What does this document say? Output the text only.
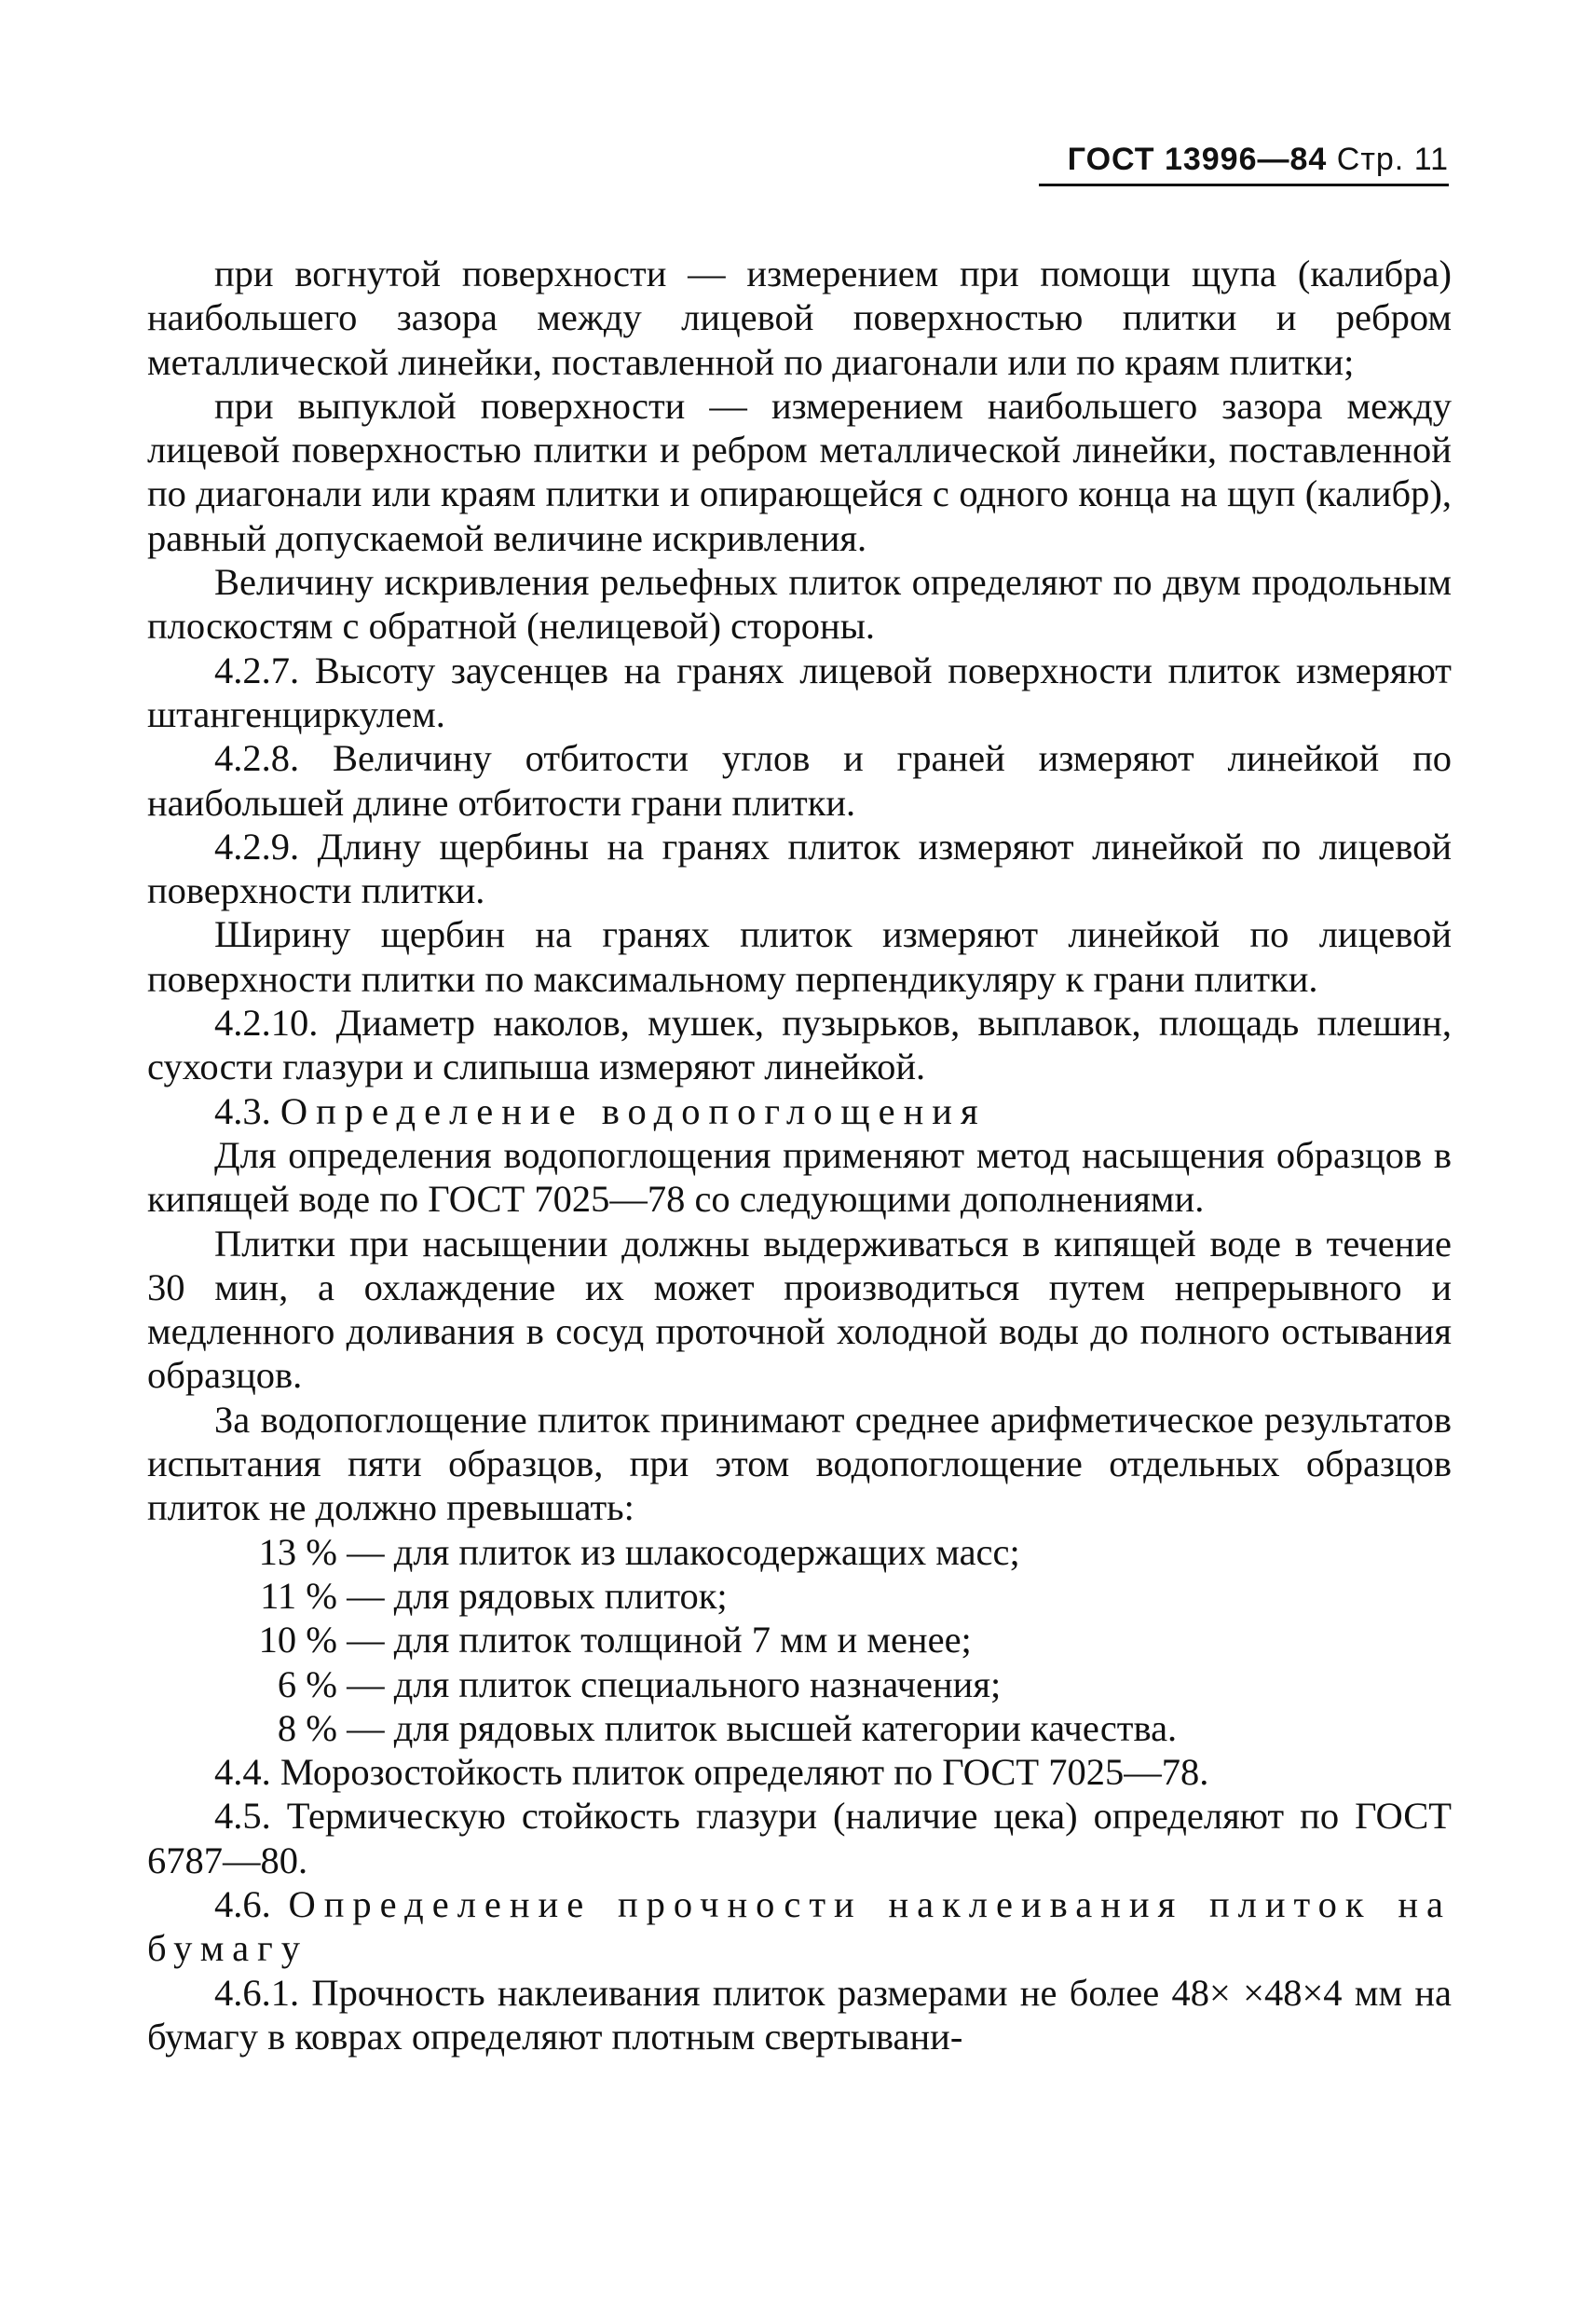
ГОСТ 13996—84 Стр. 11

при вогнутой поверхности — измерением при помощи щупа (калибра) наибольшего зазора между лицевой поверхностью плитки и ребром металлической линейки, поставленной по диагонали или по краям плитки;

при выпуклой поверхности — измерением наибольшего зазора между лицевой поверхностью плитки и ребром металлической линейки, поставленной по диагонали или краям плитки и опирающейся с одного конца на щуп (калибр), равный допускаемой величине искривления.

Величину искривления рельефных плиток определяют по двум продольным плоскостям с обратной (нелицевой) стороны.

4.2.7. Высоту заусенцев на гранях лицевой поверхности плиток измеряют штангенциркулем.

4.2.8. Величину отбитости углов и граней измеряют линейкой по наибольшей длине отбитости грани плитки.

4.2.9. Длину щербины на гранях плиток измеряют линейкой по лицевой поверхности плитки.

Ширину щербин на гранях плиток измеряют линейкой по лицевой поверхности плитки по максимальному перпендикуляру к грани плитки.

4.2.10. Диаметр наколов, мушек, пузырьков, выплавок, площадь плешин, сухости глазури и слипыша измеряют линейкой.

4.3. Определение водопоглощения

Для определения водопоглощения применяют метод насыщения образцов в кипящей воде по ГОСТ 7025—78 со следующими дополнениями.

Плитки при насыщении должны выдерживаться в кипящей воде в течение 30 мин, а охлаждение их может производиться путем непрерывного и медленного доливания в сосуд проточной холодной воды до полного остывания образцов.

За водопоглощение плиток принимают среднее арифметическое результатов испытания пяти образцов, при этом водопоглощение отдельных образцов плиток не должно превышать:

13 % — для плиток из шлакосодержащих масс;

11 % — для рядовых плиток;

10 % — для плиток толщиной 7 мм и менее;

6 % — для плиток специального назначения;

8 % — для рядовых плиток высшей категории качества.

4.4. Морозостойкость плиток определяют по ГОСТ 7025—78.

4.5. Термическую стойкость глазури (наличие цека) определяют по ГОСТ 6787—80.

4.6. Определение прочности наклеивания плиток на бумагу

4.6.1. Прочность наклеивания плиток размерами не более 48× ×48×4 мм на бумагу в коврах определяют плотным свертывани-
